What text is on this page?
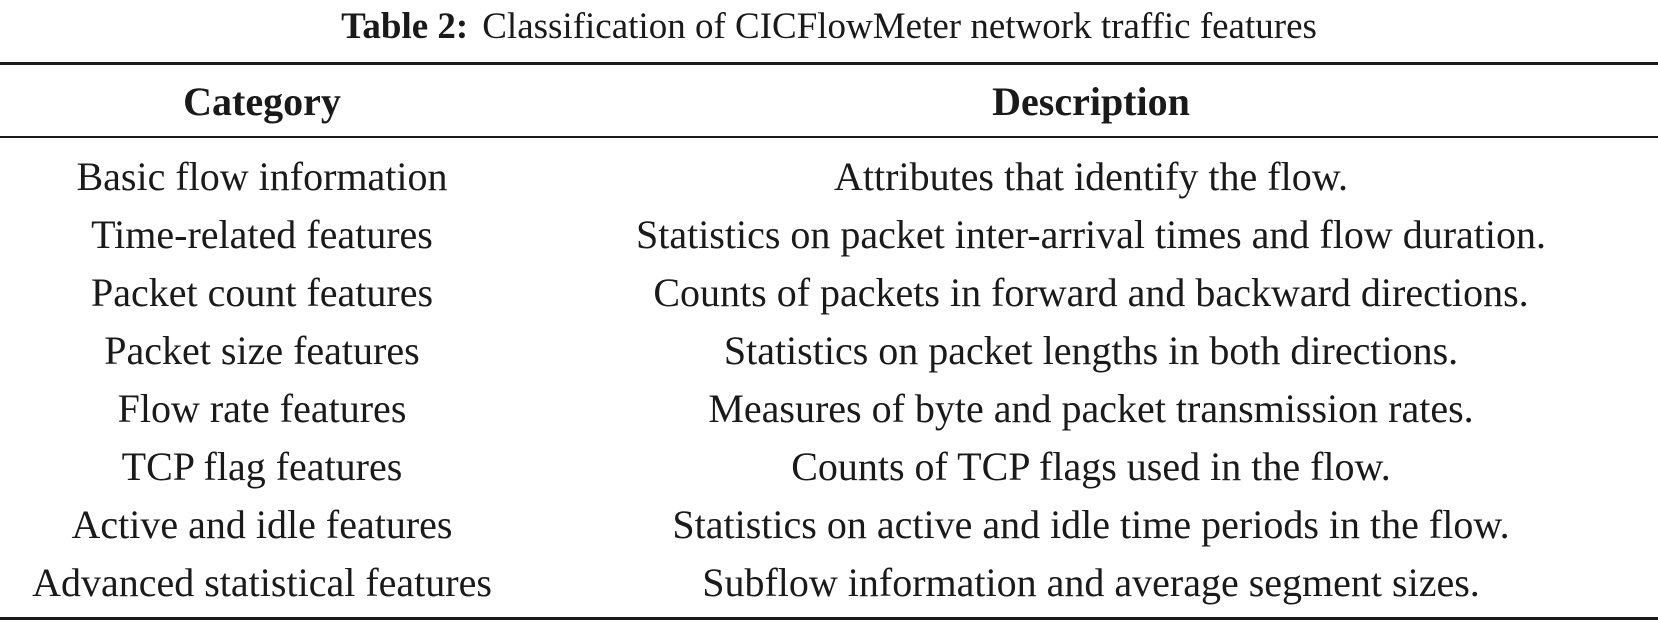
Table 2: Classification of CICFlowMeter network traffic features
Category	Description
Basic flow information	Attributes that identify the flow.
Time-related features	Statistics on packet inter-arrival times and flow duration.
Packet count features	Counts of packets in forward and backward directions.
Packet size features	Statistics on packet lengths in both directions.
Flow rate features	Measures of byte and packet transmission rates.
TCP flag features	Counts of TCP flags used in the flow.
Active and idle features	Statistics on active and idle time periods in the flow.
Advanced statistical features	Subflow information and average segment sizes.
